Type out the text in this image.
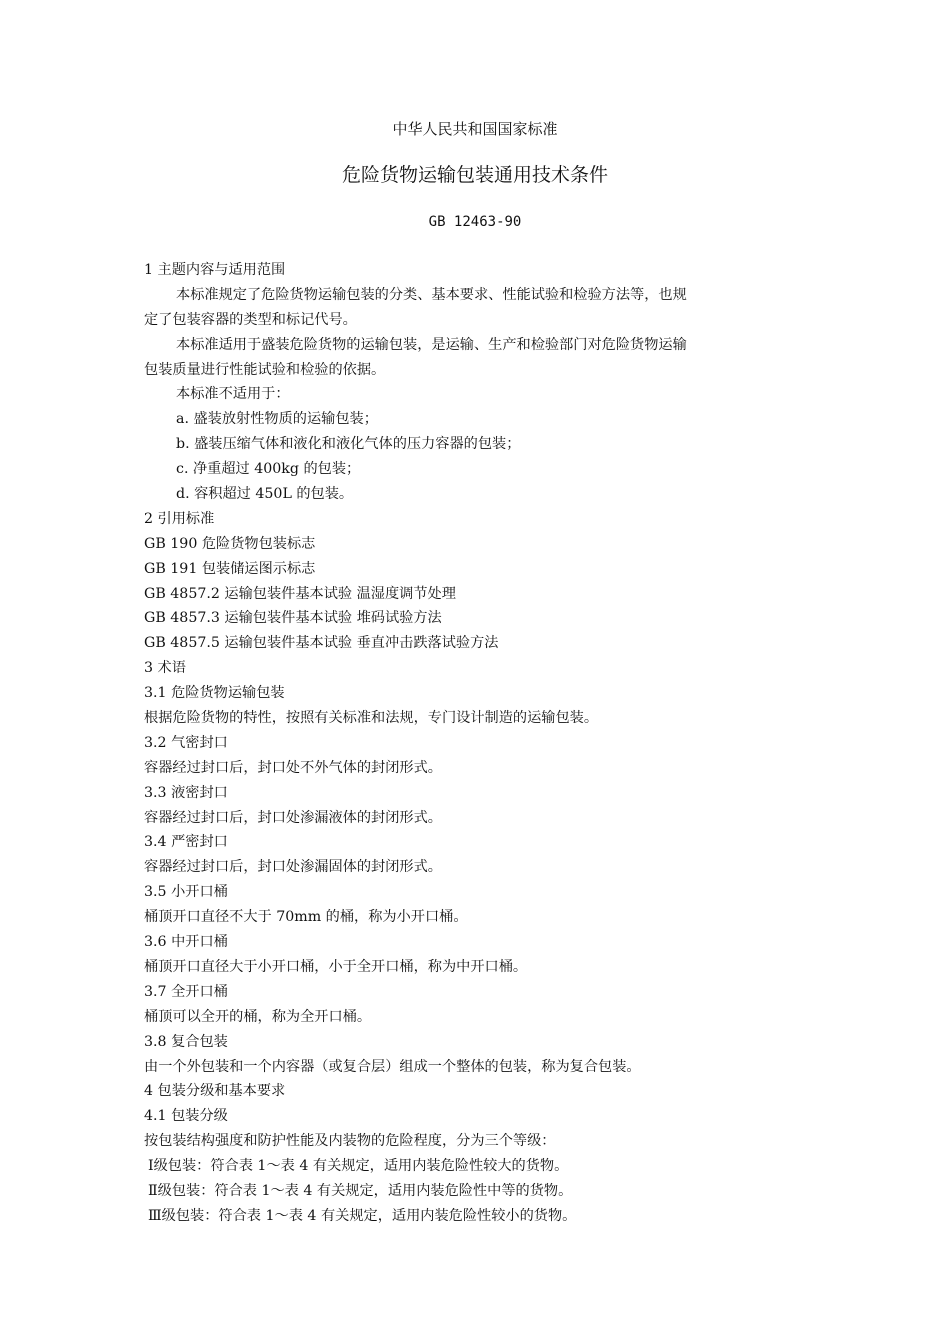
中华人民共和国国家标准
危险货物运输包装通用技术条件
GB 12463-90
1 主题内容与适用范围
本标准规定了危险货物运输包装的分类、基本要求、性能试验和检验方法等，也规
定了包装容器的类型和标记代号。
本标准适用于盛装危险货物的运输包装，是运输、生产和检验部门对危险货物运输
包装质量进行性能试验和检验的依据。
本标准不适用于：
a. 盛装放射性物质的运输包装；
b. 盛装压缩气体和液化和液化气体的压力容器的包装；
c. 净重超过 400kg 的包装；
d. 容积超过 450L 的包装。
2 引用标准
GB 190 危险货物包装标志
GB 191 包装储运图示标志
GB 4857.2 运输包装件基本试验 温湿度调节处理
GB 4857.3 运输包装件基本试验 堆码试验方法
GB 4857.5 运输包装件基本试验 垂直冲击跌落试验方法
3 术语
3.1 危险货物运输包装
根据危险货物的特性，按照有关标准和法规，专门设计制造的运输包装。
3.2 气密封口
容器经过封口后，封口处不外气体的封闭形式。
3.3 液密封口
容器经过封口后，封口处渗漏液体的封闭形式。
3.4 严密封口
容器经过封口后，封口处渗漏固体的封闭形式。
3.5 小开口桶
桶顶开口直径不大于 70mm 的桶，称为小开口桶。
3.6 中开口桶
桶顶开口直径大于小开口桶，小于全开口桶，称为中开口桶。
3.7 全开口桶
桶顶可以全开的桶，称为全开口桶。
3.8 复合包装
由一个外包装和一个内容器（或复合层）组成一个整体的包装，称为复合包装。
4 包装分级和基本要求
4.1 包装分级
按包装结构强度和防护性能及内装物的危险程度，分为三个等级：
Ⅰ级包装：符合表 1～表 4 有关规定，适用内装危险性较大的货物。
Ⅱ级包装：符合表 1～表 4 有关规定，适用内装危险性中等的货物。
Ⅲ级包装：符合表 1～表 4 有关规定，适用内装危险性较小的货物。
